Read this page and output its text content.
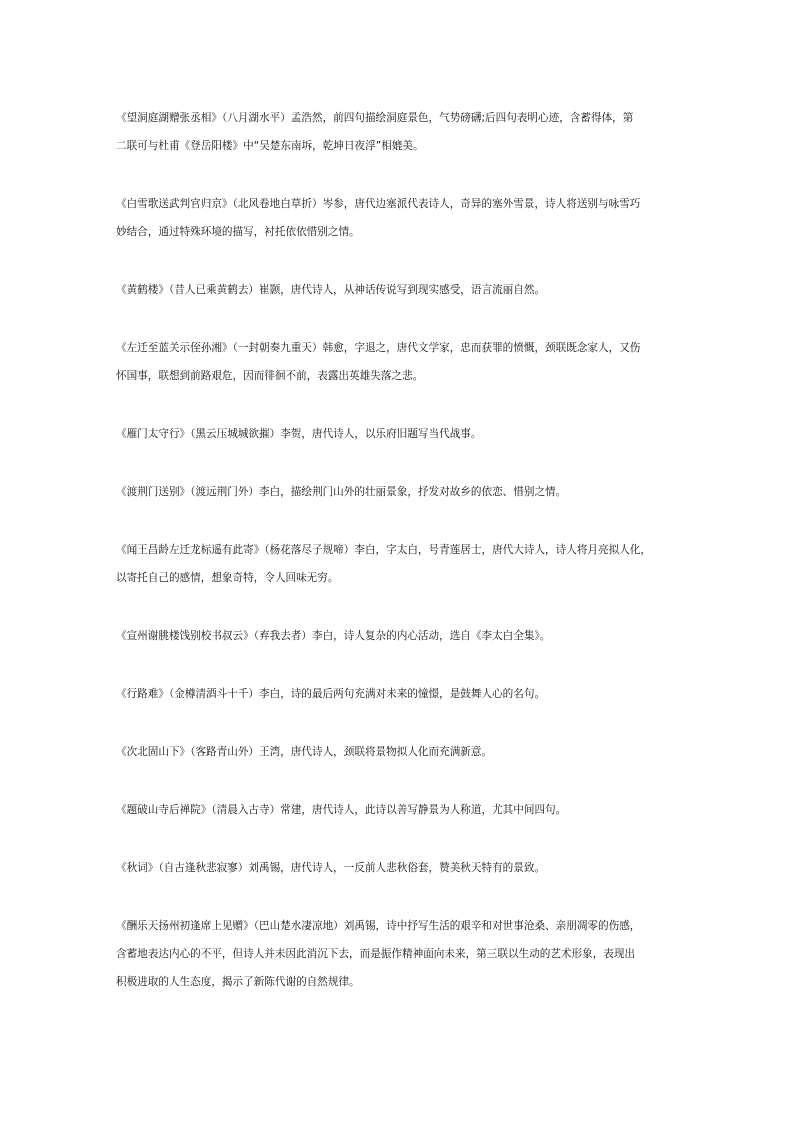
《望洞庭湖赠张丞相》（八月湖水平）孟浩然，前四句描绘洞庭景色，气势磅礴;后四句表明心迹，含蓄得体，第
二联可与杜甫《登岳阳楼》中“吴楚东南坼，乾坤日夜浮”相媲美。
《白雪歌送武判官归京》（北风卷地白草折）岑参，唐代边塞派代表诗人，奇异的塞外雪景，诗人将送别与咏雪巧
妙结合，通过特殊环境的描写，衬托依依惜别之情。
《黄鹤楼》（昔人已乘黄鹤去）崔颢，唐代诗人，从神话传说写到现实感受，语言流丽自然。
《左迁至蓝关示侄孙湘》（一封朝奏九重天）韩愈，字退之，唐代文学家，忠而获罪的愤慨，颈联既念家人，又伤
怀国事，联想到前路艰危，因而徘徊不前，表露出英雄失落之悲。
《雁门太守行》（黑云压城城欲摧）李贺，唐代诗人，以乐府旧题写当代战事。
《渡荆门送别》（渡远荆门外）李白，描绘荆门山外的壮丽景象，抒发对故乡的依恋、惜别之情。
《闻王昌龄左迁龙标遥有此寄》（杨花落尽子规啼）李白，字太白，号青莲居士，唐代大诗人，诗人将月亮拟人化，
以寄托自己的感情，想象奇特，令人回味无穷。
《宣州谢朓楼饯别校书叔云》（弃我去者）李白，诗人复杂的内心活动，选自《李太白全集》。
《行路难》（金樽清酒斗十千）李白，诗的最后两句充满对未来的憧憬，是鼓舞人心的名句。
《次北固山下》（客路青山外）王湾，唐代诗人，颈联将景物拟人化而充满新意。
《题破山寺后禅院》（清晨入古寺）常建，唐代诗人，此诗以善写静景为人称道，尤其中间四句。
《秋词》（自古逢秋悲寂寥）刘禹锡，唐代诗人，一反前人悲秋俗套，赞美秋天特有的景致。
《酬乐天扬州初逢席上见赠》（巴山楚水凄凉地）刘禹锡，诗中抒写生活的艰辛和对世事沧桑、亲朋凋零的伤感，
含蓄地表达内心的不平，但诗人并未因此消沉下去，而是振作精神面向未来，第三联以生动的艺术形象，表现出
积极进取的人生态度，揭示了新陈代谢的自然规律。
